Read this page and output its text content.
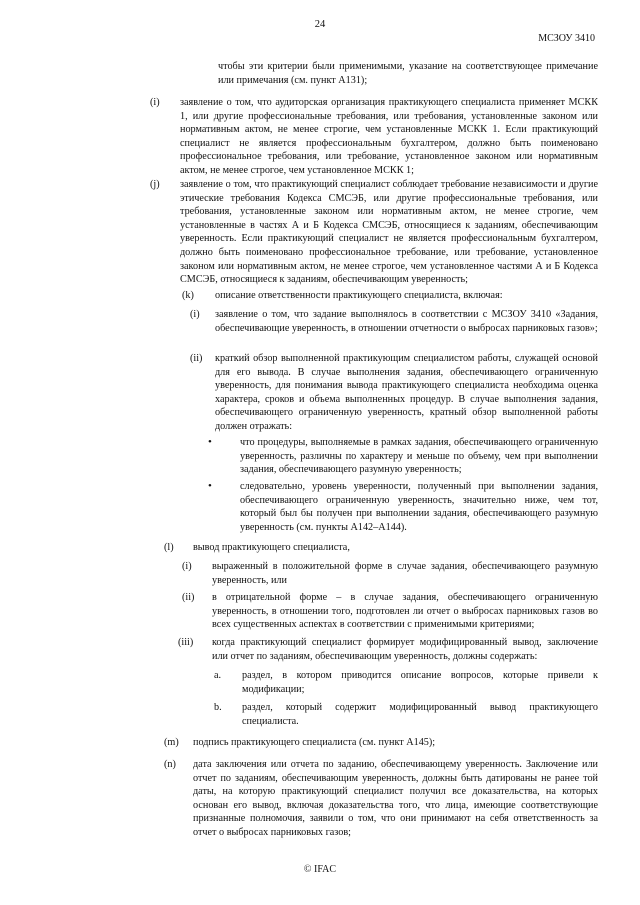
24
МСЗОУ 3410
чтобы эти критерии были применимыми, указание на соответствующее примечание или примечания (см. пункт А131);
(i) заявление о том, что аудиторская организация практикующего специалиста применяет МСКК 1, или другие профессиональные требования, или требования, установленные законом или нормативным актом, не менее строгие, чем установленные МСКК 1. Если практикующий специалист не является профессиональным бухгалтером, должно быть поименовано профессиональное требования, или требование, установленное законом или нормативным актом, не менее строгое, чем установленное МСКК 1;
(j) заявление о том, что практикующий специалист соблюдает требование независимости и другие этические требования Кодекса СМСЭБ, или другие профессиональные требования, или требования, установленные законом или нормативным актом, не менее строгие, чем установленные в частях А и Б Кодекса СМСЭБ, относящиеся к заданиям, обеспечивающим уверенность. Если практикующий специалист не является профессиональным бухгалтером, должно быть поименовано профессиональное требование, или требование, установленное законом или нормативным актом, не менее строгое, чем установленное частями А и Б Кодекса СМСЭБ, относящиеся к заданиям, обеспечивающим уверенность;
(k) описание ответственности практикующего специалиста, включая:
(i) заявление о том, что задание выполнялось в соответствии с МСЗОУ 3410 «Задания, обеспечивающие уверенность, в отношении отчетности о выбросах парниковых газов»;
(ii) краткий обзор выполненной практикующим специалистом работы, служащей основой для его вывода. В случае выполнения задания, обеспечивающего ограниченную уверенность, для понимания вывода практикующего специалиста необходима оценка характера, сроков и объема выполненных процедур. В случае выполнения задания, обеспечивающего ограниченную уверенность, кратный обзор выполненной работы должен отражать:
•	что процедуры, выполняемые в рамках задания, обеспечивающего ограниченную уверенность, различны по характеру и меньше по объему, чем при выполнении задания, обеспечивающего разумную уверенность;
•	следовательно, уровень уверенности, полученный при выполнении задания, обеспечивающего ограниченную уверенность, значительно ниже, чем тот, который был бы получен при выполнении задания, обеспечивающего разумную уверенность (см. пункты А142–А144).
(l) вывод практикующего специалиста,
(i) выраженный в положительной форме в случае задания, обеспечивающего разумную уверенность, или
(ii) в отрицательной форме – в случае задания, обеспечивающего ограниченную уверенность, в отношении того, подготовлен ли отчет о выбросах парниковых газов во всех существенных аспектах в соответствии с применимыми критериями;
(iii) когда практикующий специалист формирует модифицированный вывод, заключение или отчет по заданиям, обеспечивающим уверенность, должны содержать:
a. раздел, в котором приводится описание вопросов, которые привели к модификации;
b. раздел, который содержит модифицированный вывод практикующего специалиста.
(m) подпись практикующего специалиста (см. пункт А145);
(n) дата заключения или отчета по заданию, обеспечивающему уверенность. Заключение или отчет по заданиям, обеспечивающим уверенность, должны быть датированы не ранее той даты, на которую практикующий специалист получил все доказательства, на которых основан его вывод, включая доказательства того, что лица, имеющие соответствующие признанные полномочия, заявили о том, что они принимают на себя ответственность за отчет о выбросах парниковых газов;
© IFAC
